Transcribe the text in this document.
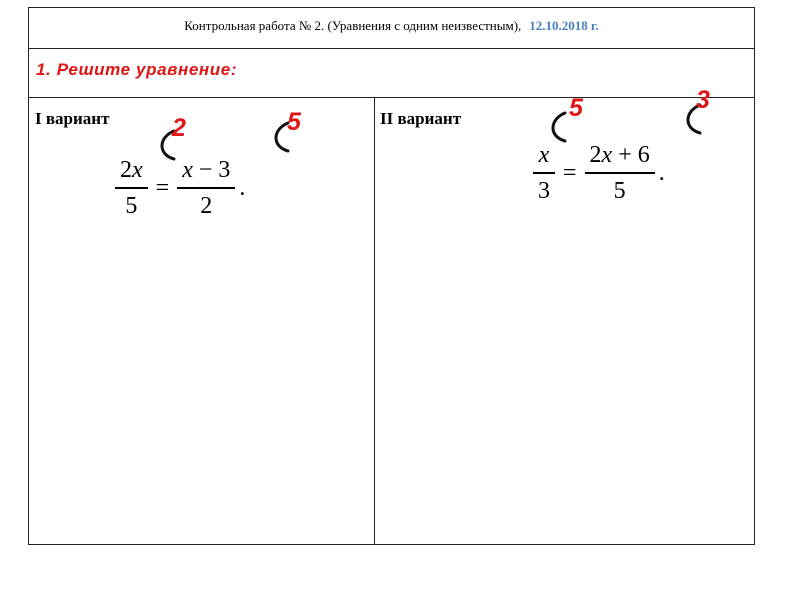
Контрольная работа № 2. (Уравнения с одним неизвестным), 12.10.2018 г.
1. Решите уравнение:
I вариант
$\frac{2x}{5} = \frac{x - 3}{2}$ .
II вариант
$\frac{x}{3} = \frac{2x + 6}{5}$ .
2	5	5	3
